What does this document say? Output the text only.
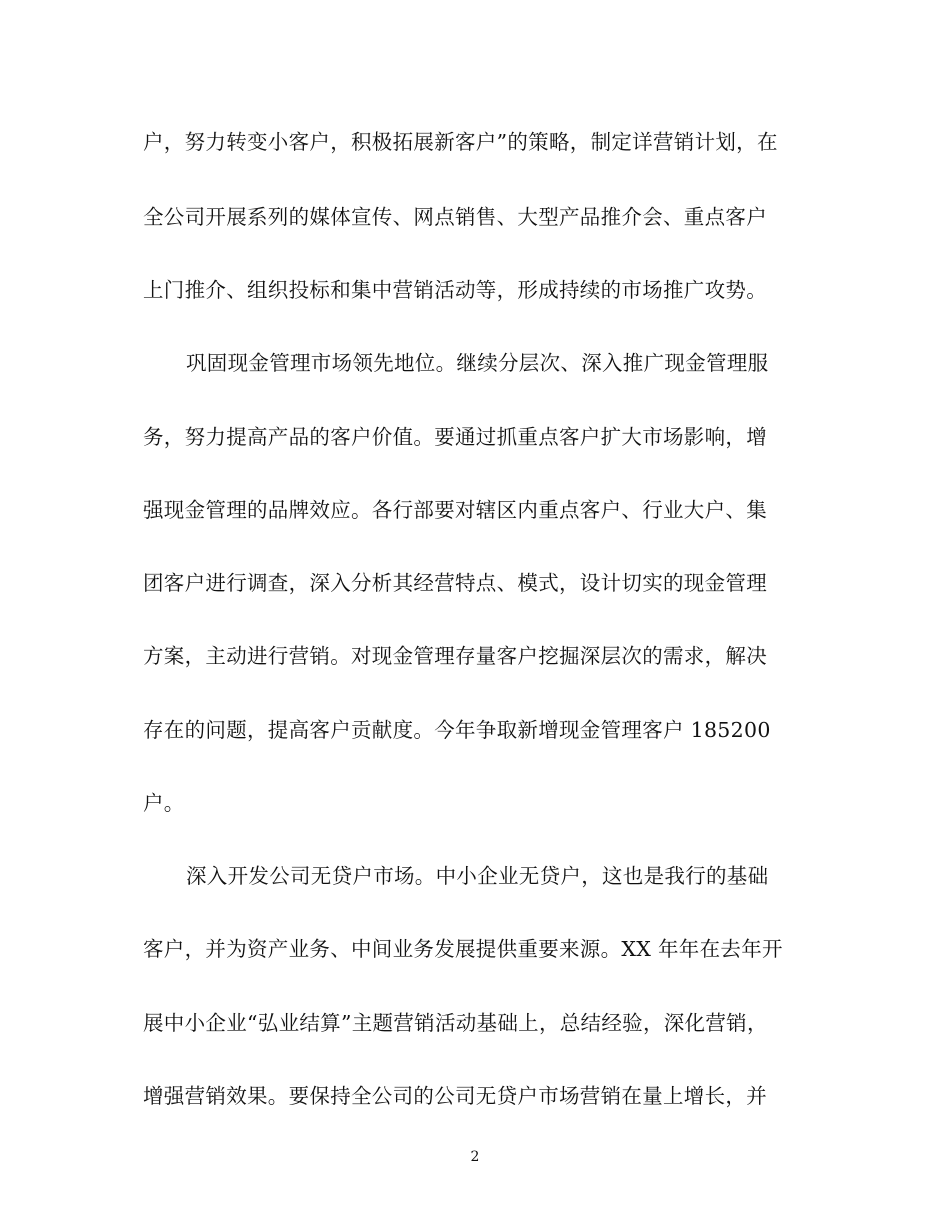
户，努力转变小客户，积极拓展新客户”的策略，制定详营销计划，在
全公司开展系列的媒体宣传、网点销售、大型产品推介会、重点客户
上门推介、组织投标和集中营销活动等，形成持续的市场推广攻势。
巩固现金管理市场领先地位。继续分层次、深入推广现金管理服
务，努力提高产品的客户价值。要通过抓重点客户扩大市场影响，增
强现金管理的品牌效应。各行部要对辖区内重点客户、行业大户、集
团客户进行调查，深入分析其经营特点、模式，设计切实的现金管理
方案，主动进行营销。对现金管理存量客户挖掘深层次的需求，解决
存在的问题，提高客户贡献度。今年争取新增现金管理客户 185200
户。
深入开发公司无贷户市场。中小企业无贷户，这也是我行的基础
客户，并为资产业务、中间业务发展提供重要来源。XX 年年在去年开
展中小企业“弘业结算”主题营销活动基础上，总结经验，深化营销，
增强营销效果。要保持全公司的公司无贷户市场营销在量上增长，并
2
